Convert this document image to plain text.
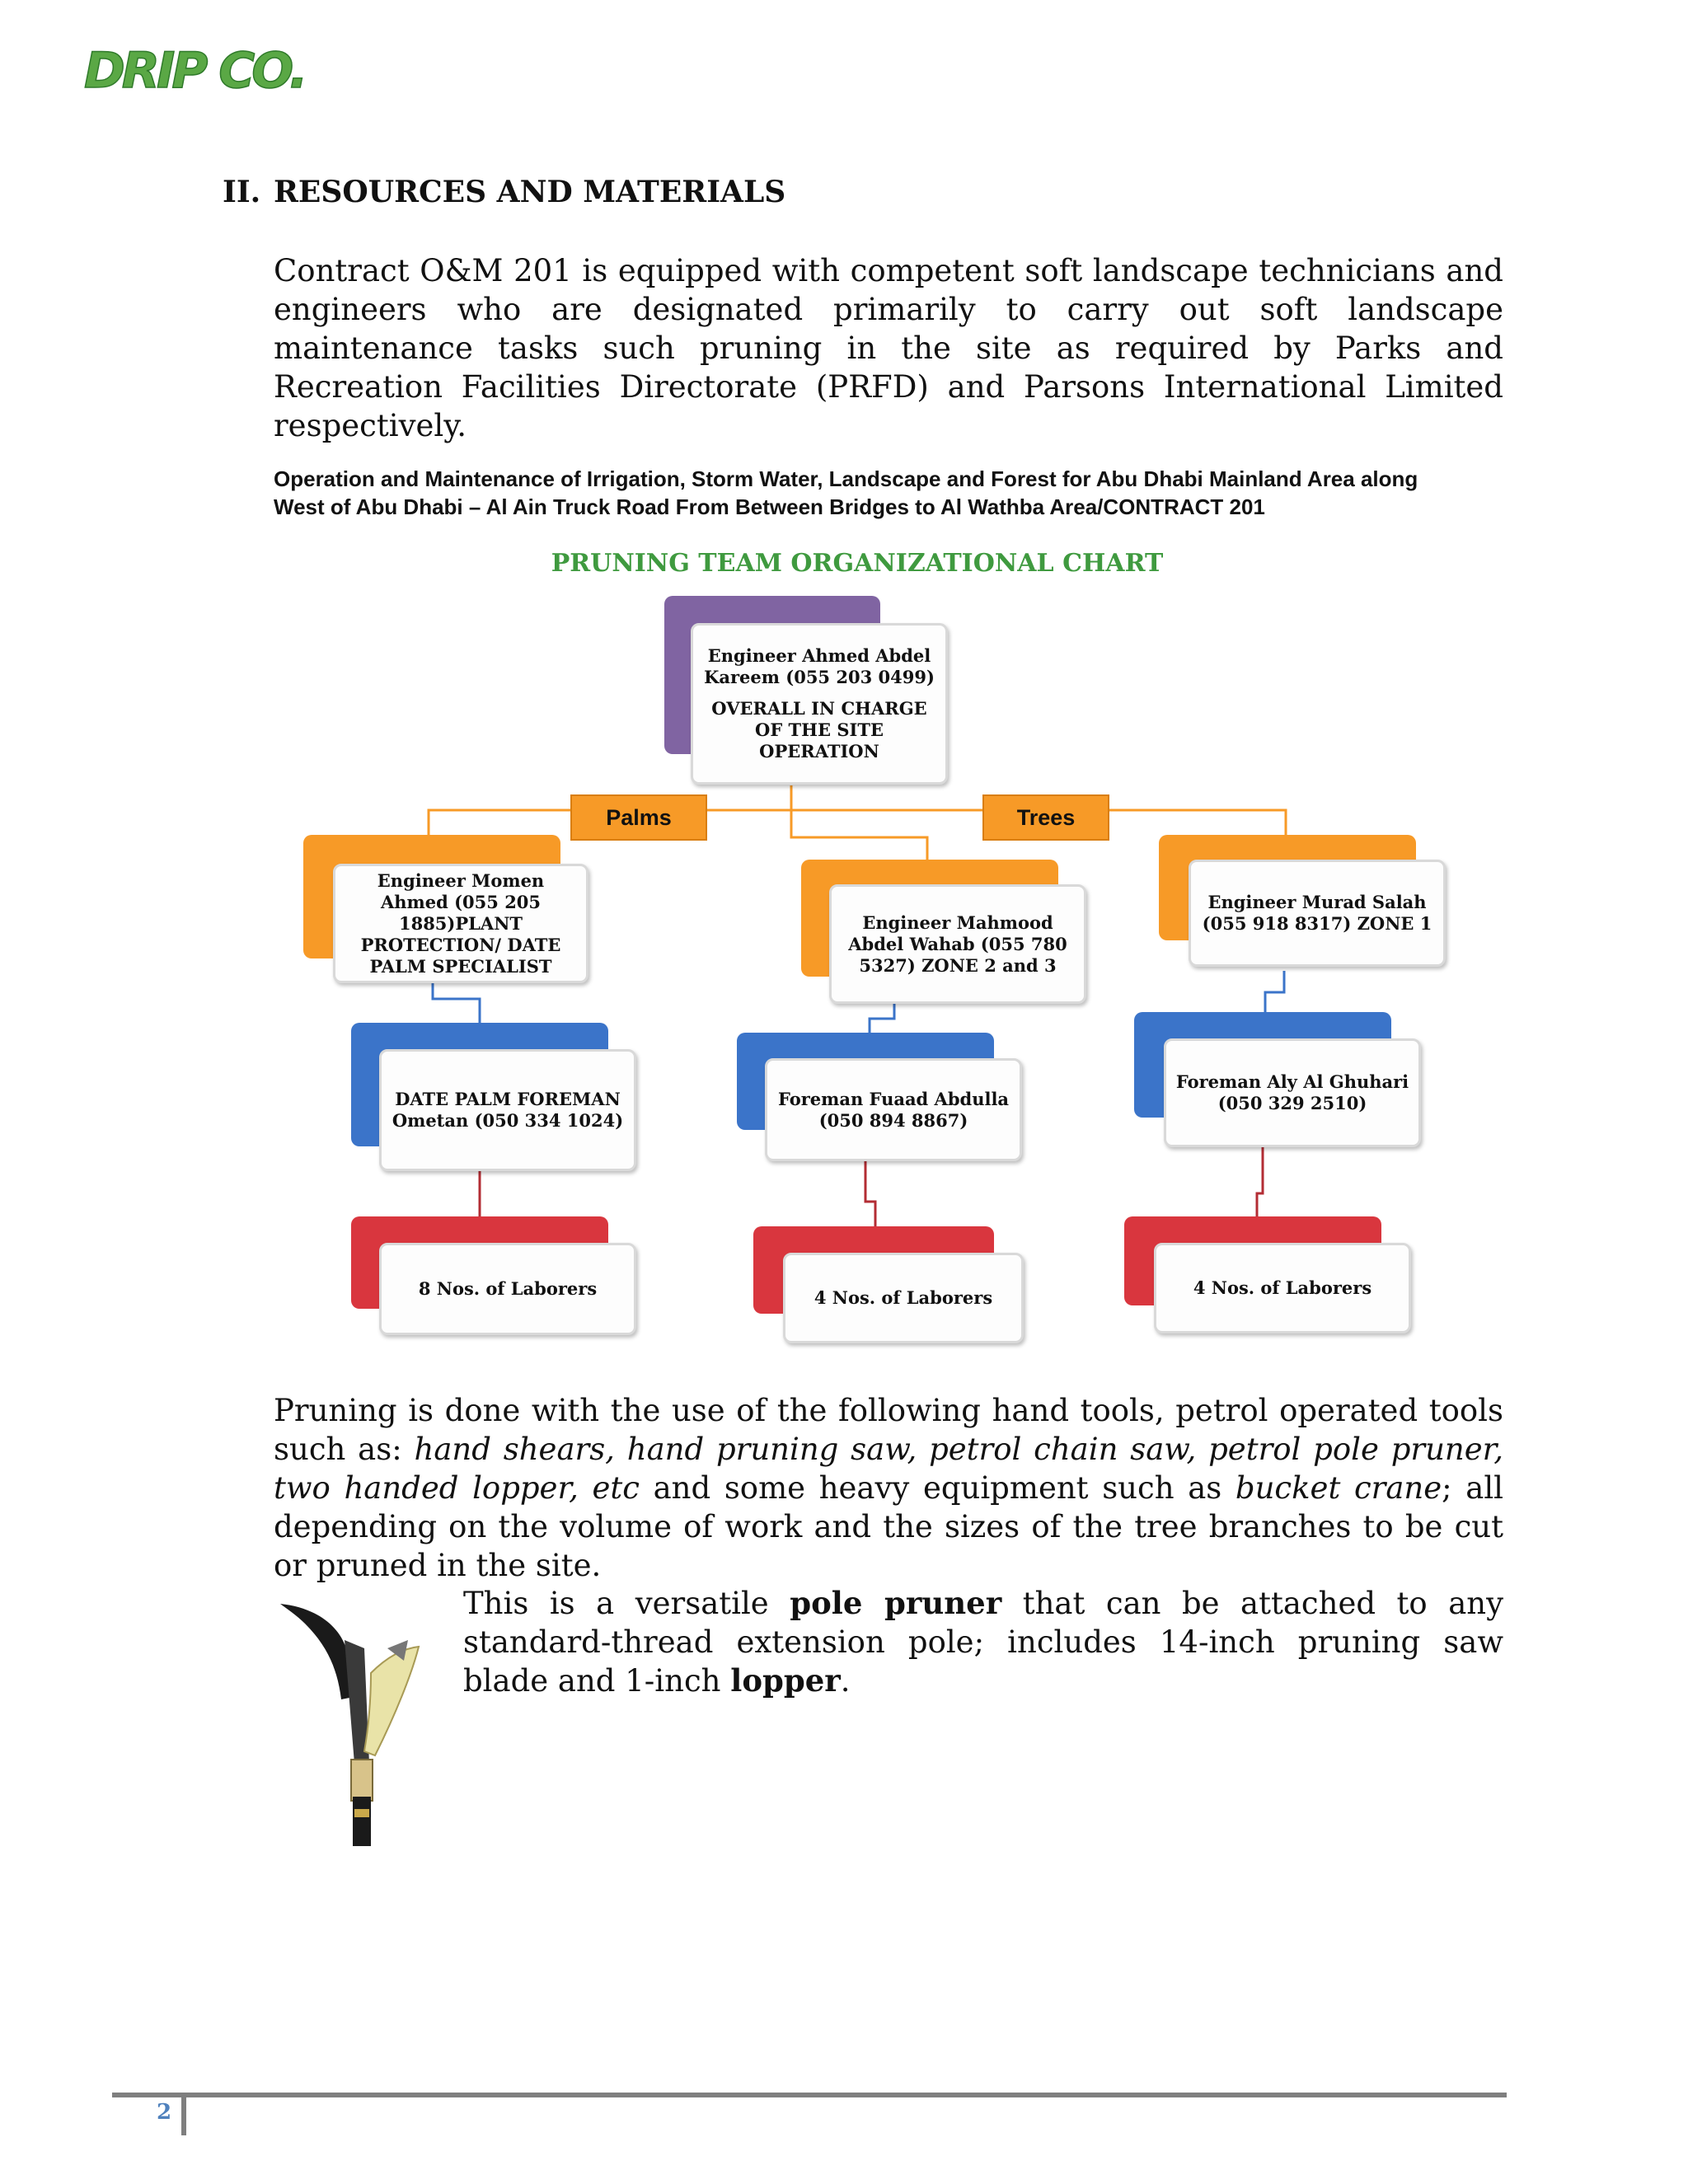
DRIP CO.
II. RESOURCES AND MATERIALS
Contract O&M 201 is equipped with competent soft landscape technicians and engineers who are designated primarily to carry out soft landscape maintenance tasks such pruning in the site as required by Parks and Recreation Facilities Directorate (PRFD) and Parsons International Limited respectively.
Operation and Maintenance of Irrigation, Storm Water, Landscape and Forest for Abu Dhabi Mainland Area along
West of Abu Dhabi – Al Ain Truck Road From Between Bridges to Al Wathba Area/CONTRACT 201
PRUNING TEAM ORGANIZATIONAL CHART
Engineer Ahmed Abdel Kareem (055 203 0499)
OVERALL IN CHARGE OF THE SITE OPERATION
Palms	Trees
Engineer Momen Ahmed (055 205 1885)PLANT PROTECTION/ DATE PALM SPECIALIST
Engineer Mahmood Abdel Wahab (055 780 5327) ZONE 2 and 3
Engineer Murad Salah (055 918 8317) ZONE 1
DATE PALM FOREMAN Ometan (050 334 1024)
Foreman Fuaad Abdulla (050 894 8867)
Foreman Aly Al Ghuhari (050 329 2510)
8 Nos. of Laborers	4 Nos. of Laborers	4 Nos. of Laborers
Pruning is done with the use of the following hand tools, petrol operated tools such as: hand shears, hand pruning saw, petrol chain saw, petrol pole pruner, two handed lopper, etc and some heavy equipment such as bucket crane; all depending on the volume of work and the sizes of the tree branches to be cut or pruned in the site.
This is a versatile pole pruner that can be attached to any standard-thread extension pole; includes 14-inch pruning saw blade and 1-inch lopper.
2
